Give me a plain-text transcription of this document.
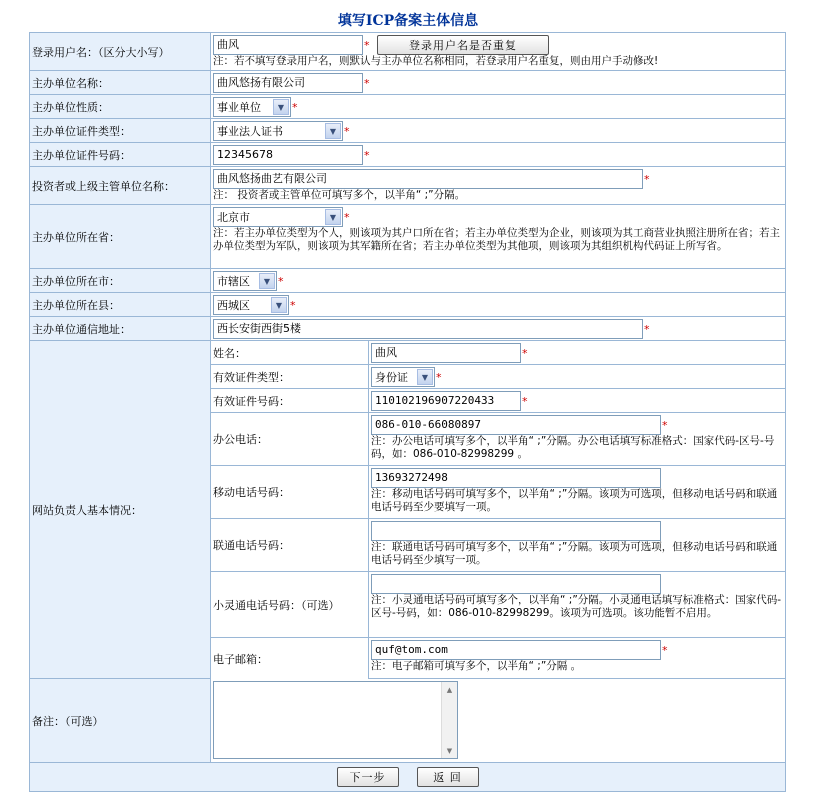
填写ICP备案主体信息
登录用户名：（区分大小写）
曲风	*	登录用户名是否重复
注：若不填写登录用户名，则默认与主办单位名称相同，若登录用户名重复，则由用户手动修改!
主办单位名称：	曲风悠扬有限公司	*
主办单位性质：	事业单位	▼ *
主办单位证件类型：	事业法人证书	▼ *
主办单位证件号码：	12345678	*
投资者或上级主管单位名称：
曲风悠扬曲艺有限公司	*
注： 投资者或主管单位可填写多个，以半角“ ;”分隔。
主办单位所在省：
北京市	▼ *
注：若主办单位类型为个人，则该项为其户口所在省；若主办单位类型为企业，则该项为其工商营业执照注册所在省；若主办单位类型为军队，则该项为其军籍所在省；若主办单位类型为其他项，则该项为其组织机构代码证上所写省。
主办单位所在市：	市辖区	▼ *
主办单位所在县：	西城区	▼ *
主办单位通信地址：	西长安街西街5楼	*
网站负责人基本情况：
姓名：	曲风	*
有效证件类型：	身份证	▼ *
有效证件号码：	110102196907220433	*
办公电话：
086-010-66080897	*
注：办公电话可填写多个，以半角“ ;”分隔。办公电话填写标准格式：国家代码-区号-号码，如：086-010-82998299 。
移动电话号码：
13693272498
注：移动电话号码可填写多个，以半角“ ;”分隔。该项为可选项，但移动电话号码和联通电话号码至少要填写一项。
联通电话号码：	注：联通电话号码可填写多个，以半角“ ;”分隔。该项为可选项，但移动电话号码和联通电话号码至少填写一项。
小灵通电话号码：（可选）	注：小灵通电话号码可填写多个，以半角“ ;”分隔。小灵通电话填写标准格式：国家代码-区号-号码，如：086-010-82998299。该项为可选项。该功能暂不启用。
电子邮箱：
quf@tom.com	*
注：电子邮箱可填写多个，以半角“ ;”分隔 。
备注：（可选）
▲
▼
下一步	返 回
